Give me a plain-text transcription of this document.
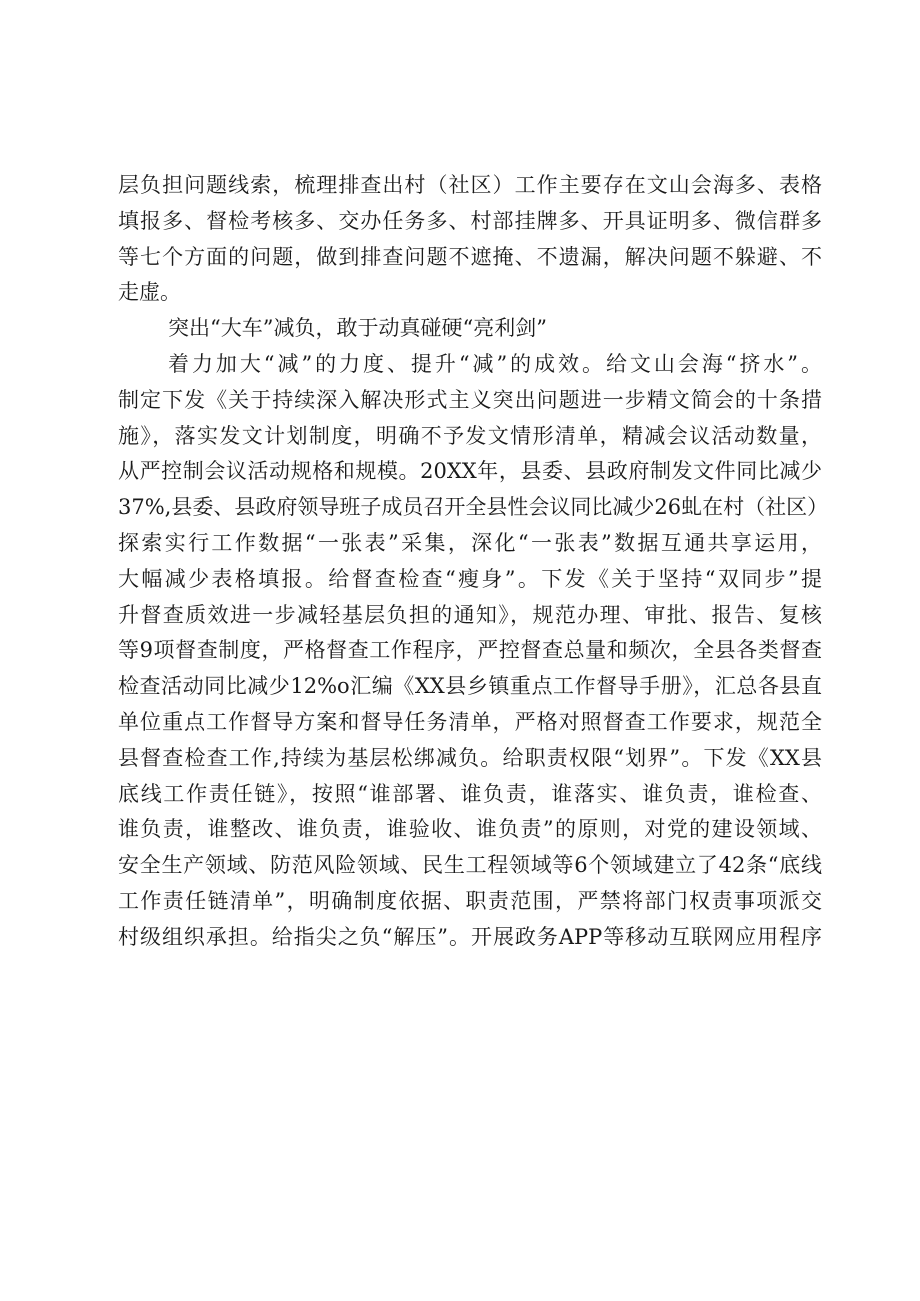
层负担问题线索，梳理排查出村（社区）工作主要存在文山会海多、表格
填报多、督检考核多、交办任务多、村部挂牌多、开具证明多、微信群多
等七个方面的问题，做到排查问题不遮掩、不遗漏，解决问题不躲避、不
走虚。
突出“大车”减负，敢于动真碰硬“亮利剑”
着力加大“减”的力度、提升“减”的成效。给文山会海“挤水”。
制定下发《关于持续深入解决形式主义突出问题进一步精文简会的十条措
施》，落实发文计划制度，明确不予发文情形清单，精减会议活动数量，
从严控制会议活动规格和规模。20XX年，县委、县政府制发文件同比减少
37%,县委、县政府领导班子成员召开全县性会议同比减少26虬在村（社区）
探索实行工作数据“一张表”采集，深化“一张表”数据互通共享运用，
大幅减少表格填报。给督查检查“瘦身”。下发《关于坚持“双同步”提
升督查质效进一步减轻基层负担的通知》，规范办理、审批、报告、复核
等9项督查制度，严格督查工作程序，严控督查总量和频次，全县各类督查
检查活动同比减少12%o汇编《XX县乡镇重点工作督导手册》，汇总各县直
单位重点工作督导方案和督导任务清单，严格对照督查工作要求，规范全
县督查检查工作,持续为基层松绑减负。给职责权限“划界”。下发《XX县
底线工作责任链》，按照“谁部署、谁负责，谁落实、谁负责，谁检查、
谁负责，谁整改、谁负责，谁验收、谁负责”的原则，对党的建设领域、
安全生产领域、防范风险领域、民生工程领域等6个领域建立了42条“底线
工作责任链清单”，明确制度依据、职责范围，严禁将部门权责事项派交
村级组织承担。给指尖之负“解压”。开展政务APP等移动互联网应用程序
